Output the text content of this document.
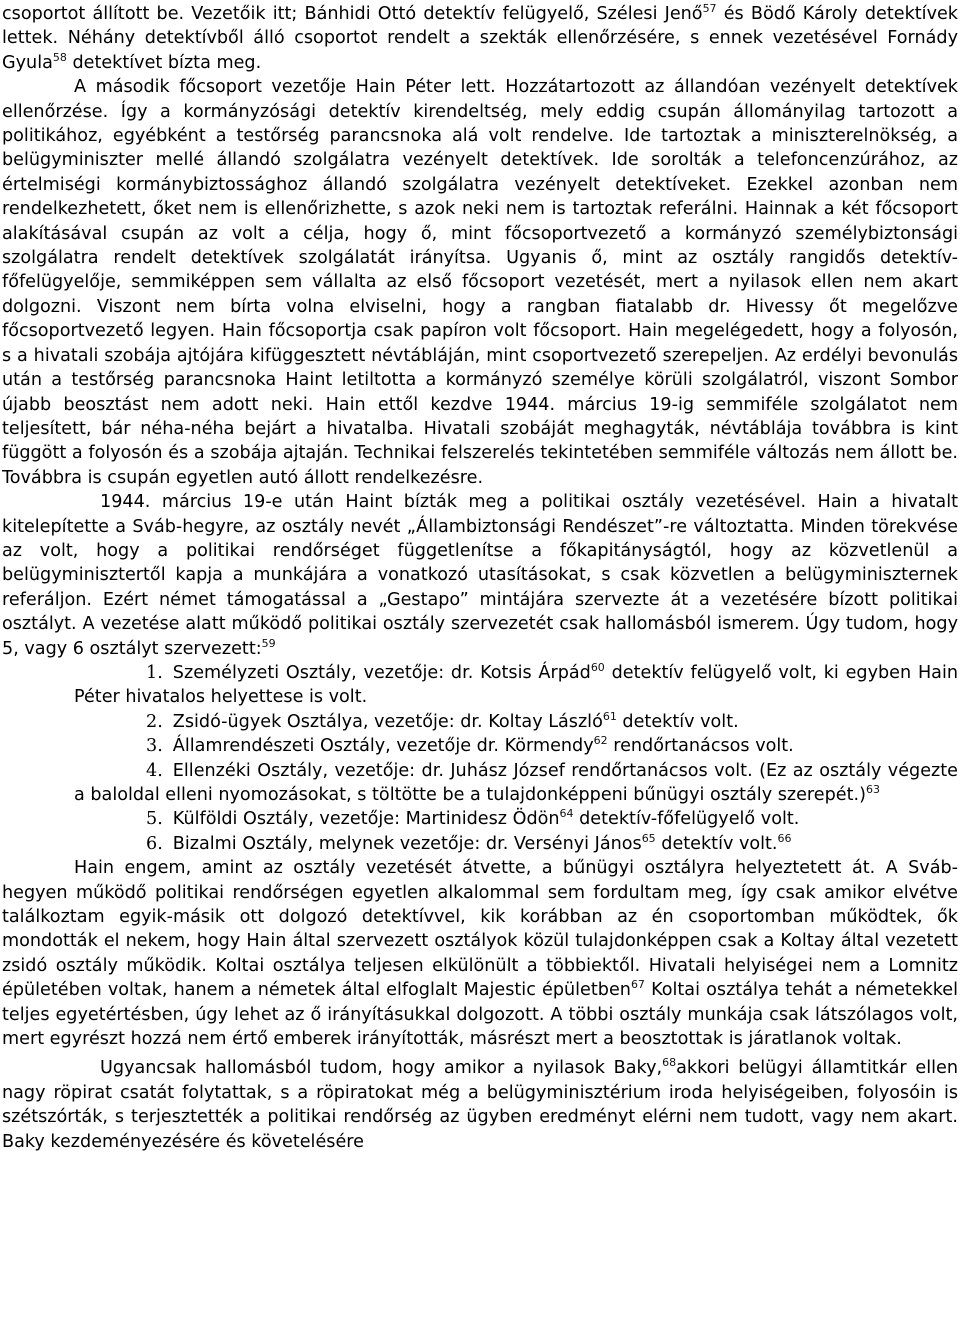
csoportot állított be. Vezetőik itt; Bánhidi Ottó detektív felügyelő, Szélesi Jenő$^{57}$ és Bödő Károly detektívek lettek. Néhány detektívből álló csoportot rendelt a szekták ellenőrzésére, s ennek vezetésével Fornády Gyula$^{58}$ detektívet bízta meg.

A második főcsoport vezetője Hain Péter lett. Hozzátartozott az állandóan vezényelt detektívek ellenőrzése. Így a kormányzósági detektív kirendeltség, mely eddig csupán állományilag tartozott a politikához, egyébként a testőrség parancsnoka alá volt rendelve. Ide tartoztak a miniszterelnökség, a belügyminiszter mellé állandó szolgálatra vezényelt detektívek. Ide sorolták a telefoncenzúrához, az értelmiségi kormánybiztossághoz állandó szolgálatra vezényelt detektíveket. Ezekkel azonban nem rendelkezhetett, őket nem is ellenőrizhette, s azok neki nem is tartoztak referálni. Hainnak a két főcsoport alakításával csupán az volt a célja, hogy ő, mint főcsoportvezető a kormányzó személybiztonsági szolgálatra rendelt detektívek szolgálatát irányítsa. Ugyanis ő, mint az osztály rangidős detektív-főfelügyelője, semmiképpen sem vállalta az első főcsoport vezetését, mert a nyilasok ellen nem akart dolgozni. Viszont nem bírta volna elviselni, hogy a rangban fiatalabb dr. Hivessy őt megelőzve főcsoportvezető legyen. Hain főcsoportja csak papíron volt főcsoport. Hain megelégedett, hogy a folyosón, s a hivatali szobája ajtójára kifüggesztett névtábláján, mint csoportvezető szerepeljen. Az erdélyi bevonulás után a testőrség parancsnoka Haint letiltotta a kormányzó személye körüli szolgálatról, viszont Sombor újabb beosztást nem adott neki. Hain ettől kezdve 1944. március 19-ig semmiféle szolgálatot nem teljesített, bár néha-néha bejárt a hivatalba. Hivatali szobáját meghagyták, névtáblája továbbra is kint függött a folyosón és a szobája ajtaján. Technikai felszerelés tekintetében semmiféle változás nem állott be. Továbbra is csupán egyetlen autó állott rendelkezésre.

1944. március 19-e után Haint bízták meg a politikai osztály vezetésével. Hain a hivatalt kitelepítette a Sváb-hegyre, az osztály nevét „Állambiztonsági Rendészet”-re változtatta. Minden törekvése az volt, hogy a politikai rendőrséget függetlenítse a főkapitányságtól, hogy az közvetlenül a belügyminisztertől kapja a munkájára a vonatkozó utasításokat, s csak közvetlen a belügyminiszternek referáljon. Ezért német támogatással a „Gestapo” mintájára szervezte át a vezetésére bízott politikai osztályt. A vezetése alatt működő politikai osztály szervezetét csak hallomásból ismerem. Úgy tudom, hogy 5, vagy 6 osztályt szervezett:$^{59}$

1. Személyzeti Osztály, vezetője: dr. Kotsis Árpád$^{60}$ detektív felügyelő volt, ki egyben Hain Péter hivatalos helyettese is volt.

2. Zsidó-ügyek Osztálya, vezetője: dr. Koltay László$^{61}$ detektív volt.

3. Államrendészeti Osztály, vezetője dr. Körmendy$^{62}$ rendőrtanácsos volt.

4. Ellenzéki Osztály, vezetője: dr. Juhász József rendőrtanácsos volt. (Ez az osztály végezte a baloldal elleni nyomozásokat, s töltötte be a tulajdonképpeni bűnügyi osztály szerepét.)$^{63}$

5. Külföldi Osztály, vezetője: Martinidesz Ödön$^{64}$ detektív-főfelügyelő volt.

6. Bizalmi Osztály, melynek vezetője: dr. Versényi János$^{65}$ detektív volt.$^{66}$

Hain engem, amint az osztály vezetését átvette, a bűnügyi osztályra helyeztetett át. A Sváb-hegyen működő politikai rendőrségen egyetlen alkalommal sem fordultam meg, így csak amikor elvétve találkoztam egyik-másik ott dolgozó detektívvel, kik korábban az én csoportomban működtek, ők mondották el nekem, hogy Hain által szervezett osztályok közül tulajdonképpen csak a Koltay által vezetett zsidó osztály működik. Koltai osztálya teljesen elkülönült a többiektől. Hivatali helyiségei nem a Lomnitz épületében voltak, hanem a németek által elfoglalt Majestic épületben$^{67}$ Koltai osztálya tehát a németekkel teljes egyetértésben, úgy lehet az ő irányításukkal dolgozott. A többi osztály munkája csak látszólagos volt, mert egyrészt hozzá nem értő emberek irányították, másrészt mert a beosztottak is járatlanok voltak.

Ugyancsak hallomásból tudom, hogy amikor a nyilasok Baky,$^{68}$akkori belügyi államtitkár ellen nagy röpirat csatát folytattak, s a röpiratokat még a belügyminisztérium iroda helyiségeiben, folyosóin is szétszórták, s terjesztették a politikai rendőrség az ügyben eredményt elérni nem tudott, vagy nem akart. Baky kezdeményezésére és követelésére
